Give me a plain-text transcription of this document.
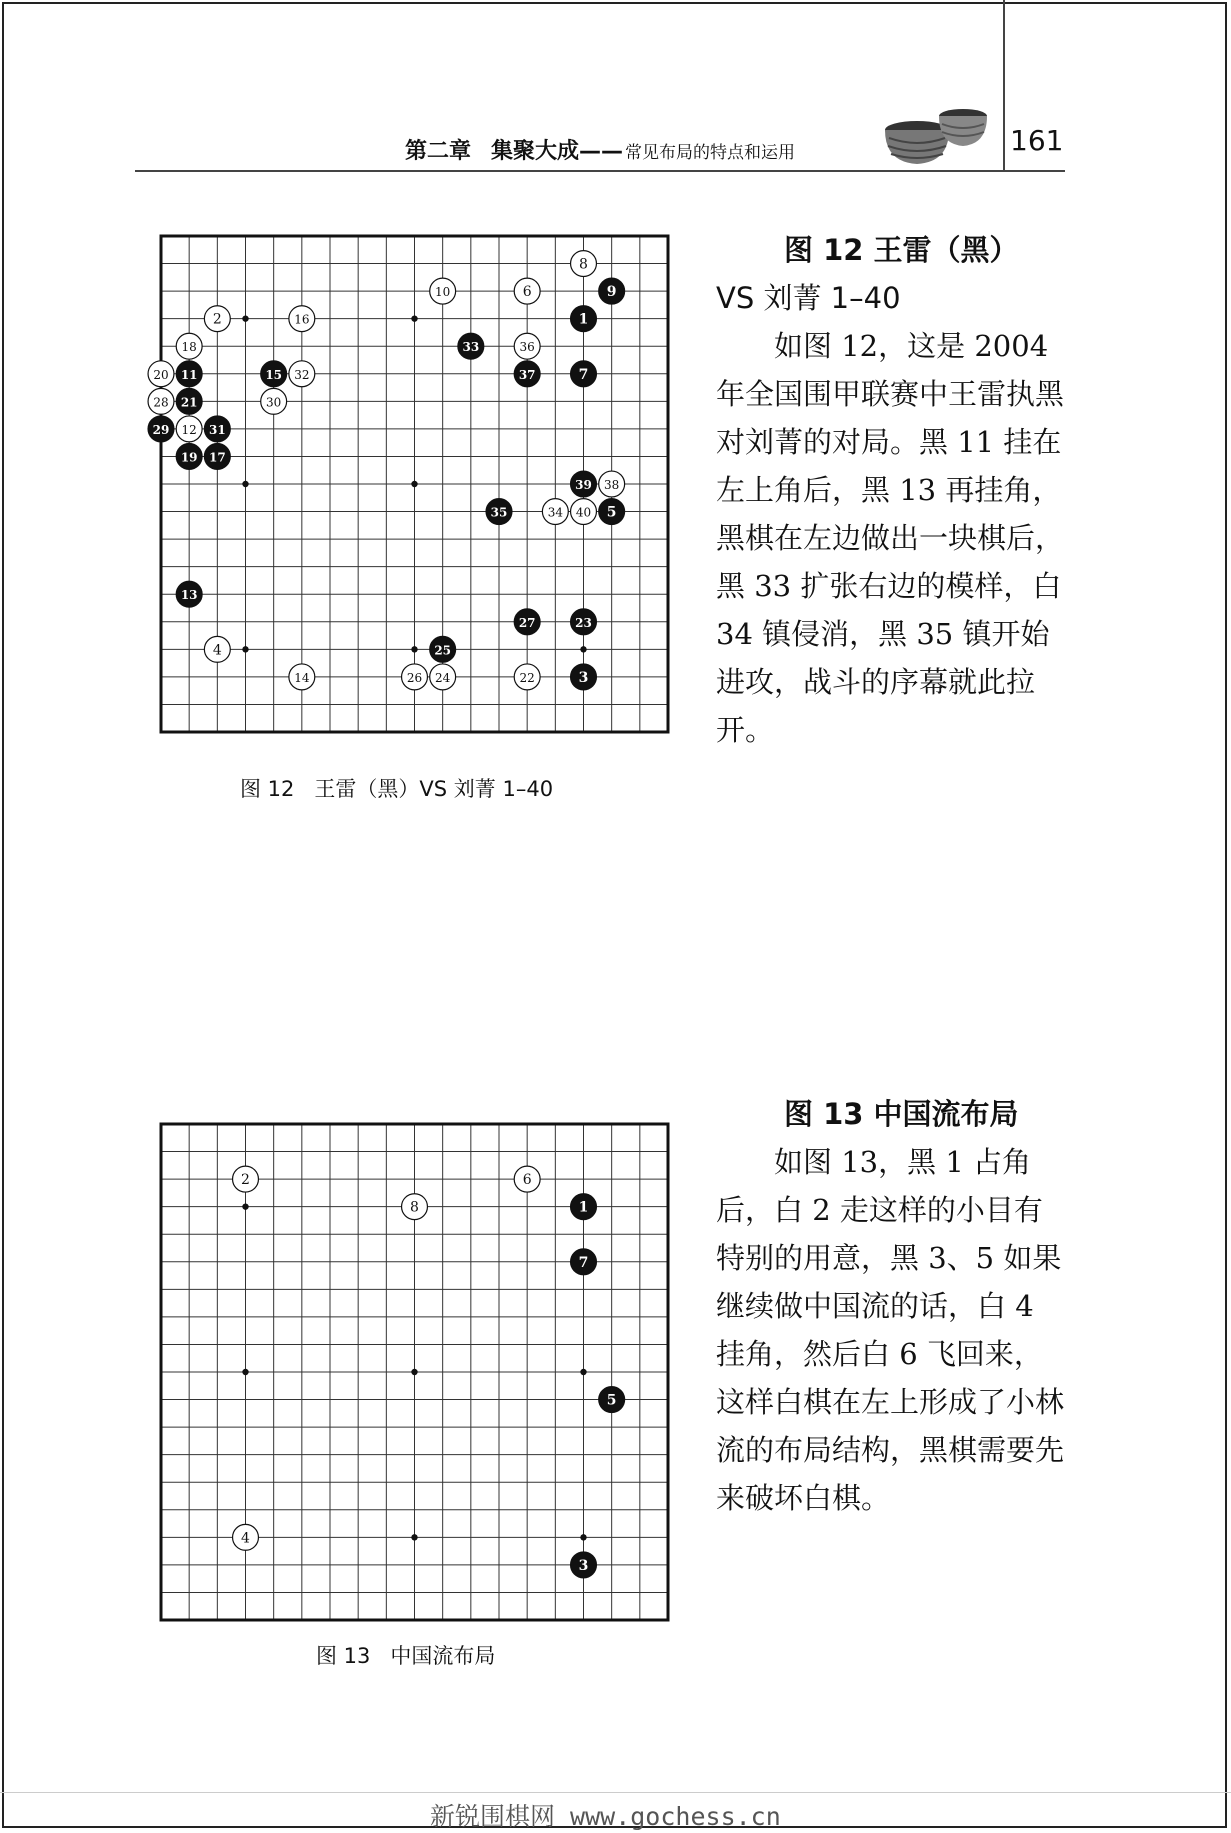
第二章 集聚大成—— 常见布局的特点和运用	161
1
2
3
4
5
6
7
8
9
10
11
12
13
14
15
16
17
18
19
20
21
22
23
24
25
26
27
28
29
30
31
32
33
34
35
36
37
38
39
40
图 12   王雷（黑）VS 刘菁 1–40
图 12 王雷（黑）
VS 刘菁 1–40

如图 12，这是 2004 年全国围甲联赛中王雷执黑对刘菁的对局。黑 11 挂在左上角后，黑 13 再挂角，黑棋在左边做出一块棋后，黑 33 扩张右边的模样，白 34 镇侵消，黑 35 镇开始进攻，战斗的序幕就此拉开。

1
2
3
4
5
6
7
8
图 13   中国流布局
图 13 中国流布局

如图 13，黑 1 占角后，白 2 走这样的小目有特别的用意，黑 3、5 如果继续做中国流的话，白 4 挂角，然后白 6 飞回来，这样白棋在左上形成了小林流的布局结构，黑棋需要先来破坏白棋。

新锐围棋网 www.gochess.cn
